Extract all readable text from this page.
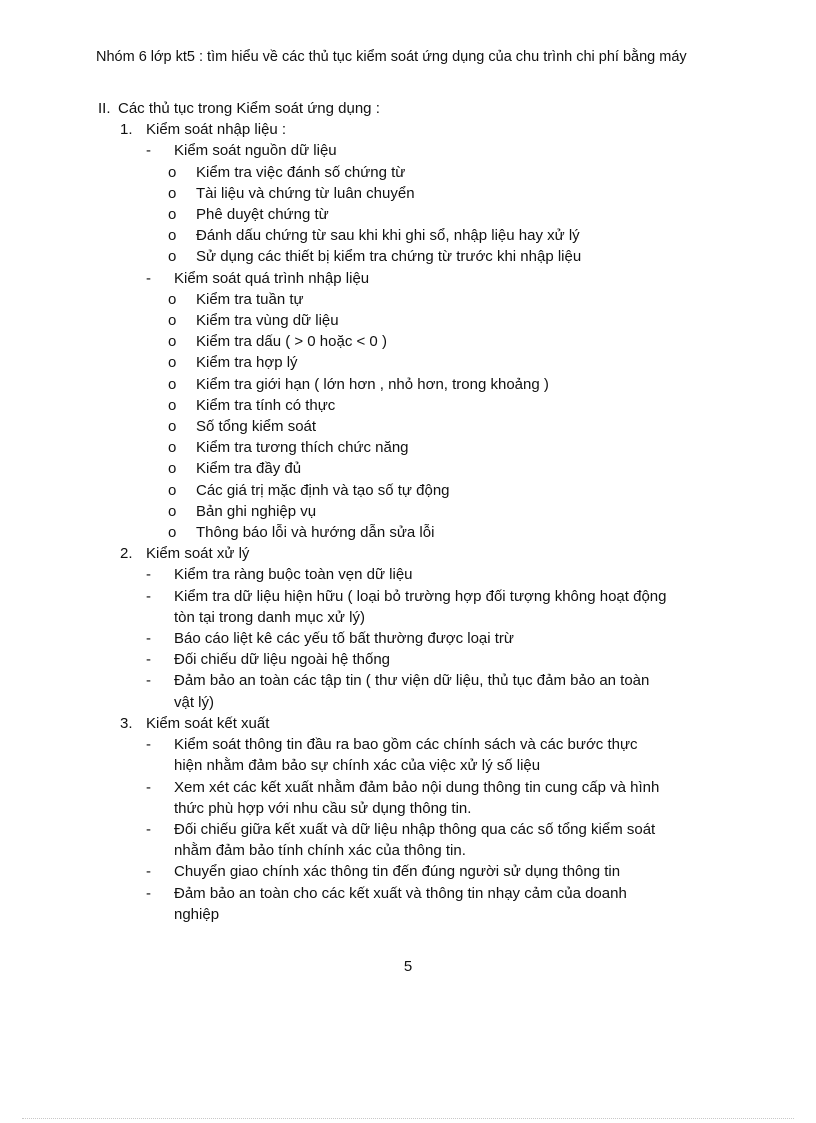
Nhóm 6 lớp kt5 : tìm hiểu về các thủ tục kiểm soát ứng dụng của chu trình chi phí bằng máy
II. Các thủ tục trong Kiểm soát ứng dụng :
1. Kiểm soát nhập liệu :
-	Kiểm soát nguồn dữ liệu
o	Kiểm tra việc đánh số chứng từ
o	Tài liệu và chứng từ luân chuyển
o	Phê duyệt chứng từ
o	Đánh dấu chứng từ sau khi khi ghi sổ, nhập liệu hay xử lý
o	Sử dụng các thiết bị kiểm tra chứng từ trước khi nhập liệu
-	Kiểm soát quá trình nhập liệu
o	Kiểm tra tuần tự
o	Kiểm tra vùng dữ liệu
o	Kiểm tra dấu ( > 0 hoặc < 0 )
o	Kiểm tra hợp lý
o	Kiểm tra giới hạn ( lớn hơn , nhỏ hơn, trong khoảng )
o	Kiểm tra tính có thực
o	Số tổng kiểm soát
o	Kiểm tra tương thích chức năng
o	Kiểm tra đầy đủ
o	Các giá trị mặc định và tạo số tự động
o	Bản ghi nghiệp vụ
o	Thông báo lỗi và hướng dẫn sửa lỗi
2. Kiểm soát xử lý
-	Kiểm tra ràng buộc toàn vẹn dữ liệu
-	Kiểm tra dữ liệu hiện hữu ( loại bỏ trường hợp đối tượng không hoạt động
tòn tại trong danh mục xử lý)
-	Báo cáo liệt kê các yếu tố bất thường được loại trừ
-	Đối chiếu dữ liệu ngoài hệ thống
-	Đảm bảo an toàn các tập tin ( thư viện dữ liệu, thủ tục đảm bảo an toàn
vật lý)
3. Kiểm soát kết xuất
-	Kiểm soát thông tin đầu ra bao gồm các chính sách và các bước thực
hiện nhằm đảm bảo sự chính xác của việc xử lý số liệu
-	Xem xét các kết xuất nhằm đảm bảo nội dung thông tin cung cấp và hình
thức phù hợp với nhu cầu sử dụng thông tin.
-	Đối chiếu giữa kết xuất và dữ liệu nhập thông qua các số tổng kiểm soát
nhằm đảm bảo tính chính xác của thông tin.
-	Chuyển giao chính xác thông tin đến đúng người sử dụng thông tin
-	Đảm bảo an toàn cho các kết xuất và thông tin nhạy cảm của doanh
nghiệp
5
